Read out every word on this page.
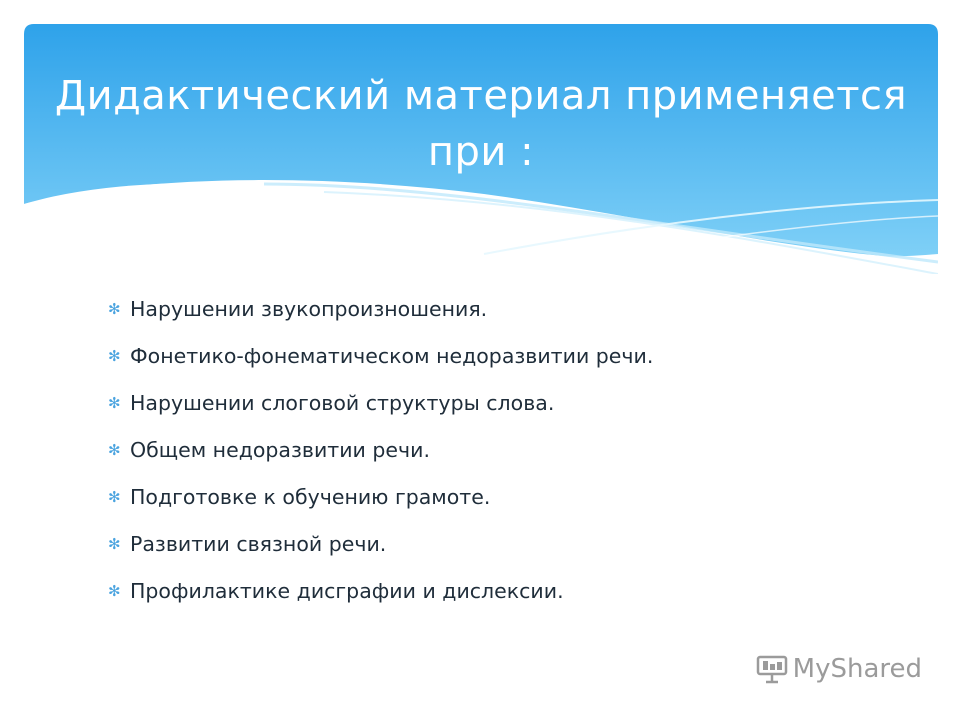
Дидактический материал применяется при :
✻ Нарушении звукопроизношения.
✻ Фонетико-фонематическом недоразвитии речи.
✻ Нарушении слоговой структуры слова.
✻ Общем недоразвитии речи.
✻ Подготовке к обучению грамоте.
✻ Развитии связной речи.
✻ Профилактике дисграфии и дислексии.
MyShared
